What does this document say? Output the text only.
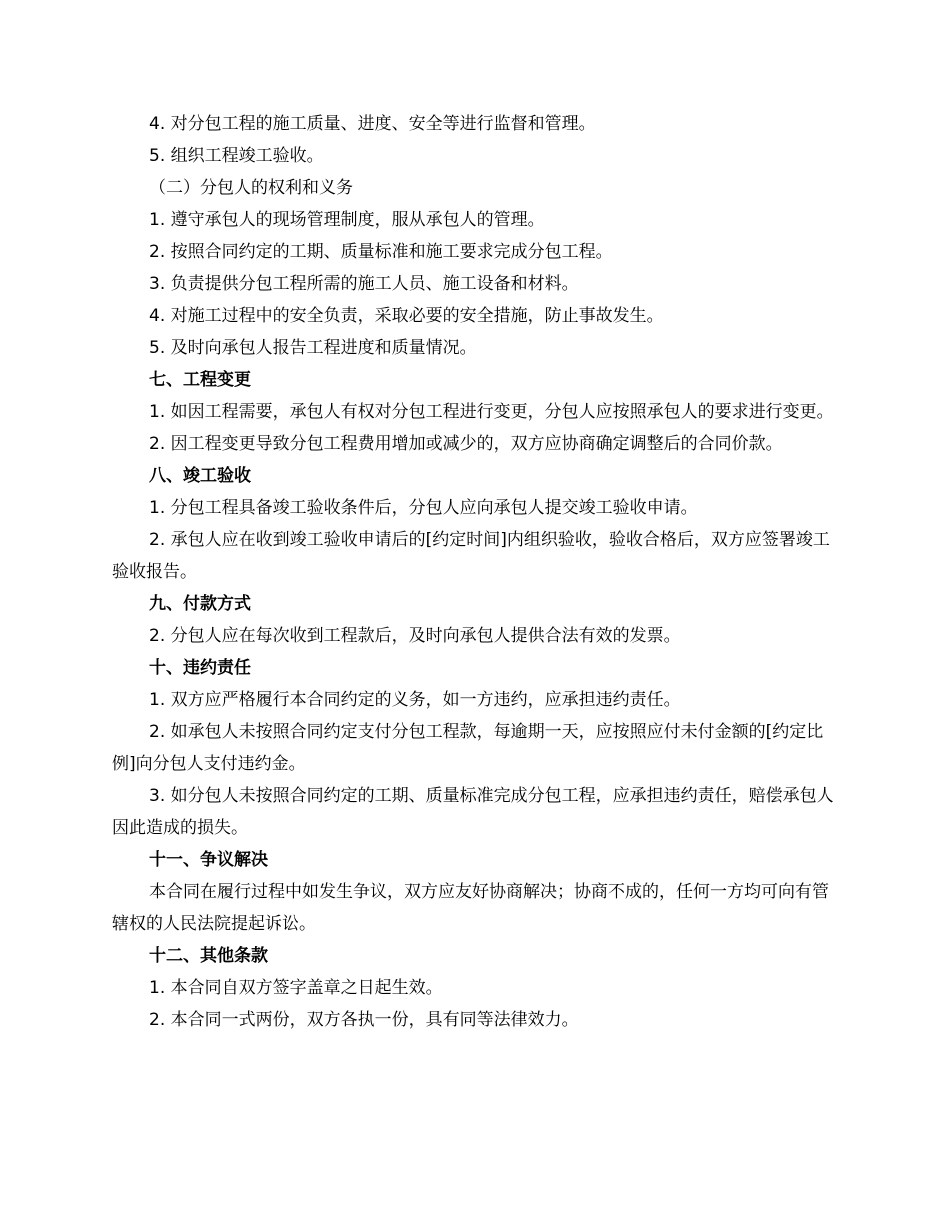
4. 对分包工程的施工质量、进度、安全等进行监督和管理。

5. 组织工程竣工验收。

（二）分包人的权利和义务

1. 遵守承包人的现场管理制度，服从承包人的管理。

2. 按照合同约定的工期、质量标准和施工要求完成分包工程。

3. 负责提供分包工程所需的施工人员、施工设备和材料。

4. 对施工过程中的安全负责，采取必要的安全措施，防止事故发生。

5. 及时向承包人报告工程进度和质量情况。

七、工程变更

1. 如因工程需要，承包人有权对分包工程进行变更，分包人应按照承包人的要求进行变更。

2. 因工程变更导致分包工程费用增加或减少的，双方应协商确定调整后的合同价款。

八、竣工验收

1. 分包工程具备竣工验收条件后，分包人应向承包人提交竣工验收申请。

2. 承包人应在收到竣工验收申请后的[约定时间]内组织验收，验收合格后，双方应签署竣工验收报告。

九、付款方式

2. 分包人应在每次收到工程款后，及时向承包人提供合法有效的发票。

十、违约责任

1. 双方应严格履行本合同约定的义务，如一方违约，应承担违约责任。

2. 如承包人未按照合同约定支付分包工程款，每逾期一天，应按照应付未付金额的[约定比例]向分包人支付违约金。

3. 如分包人未按照合同约定的工期、质量标准完成分包工程，应承担违约责任，赔偿承包人因此造成的损失。

十一、争议解决

本合同在履行过程中如发生争议，双方应友好协商解决；协商不成的，任何一方均可向有管辖权的人民法院提起诉讼。

十二、其他条款

1. 本合同自双方签字盖章之日起生效。

2. 本合同一式两份，双方各执一份，具有同等法律效力。
